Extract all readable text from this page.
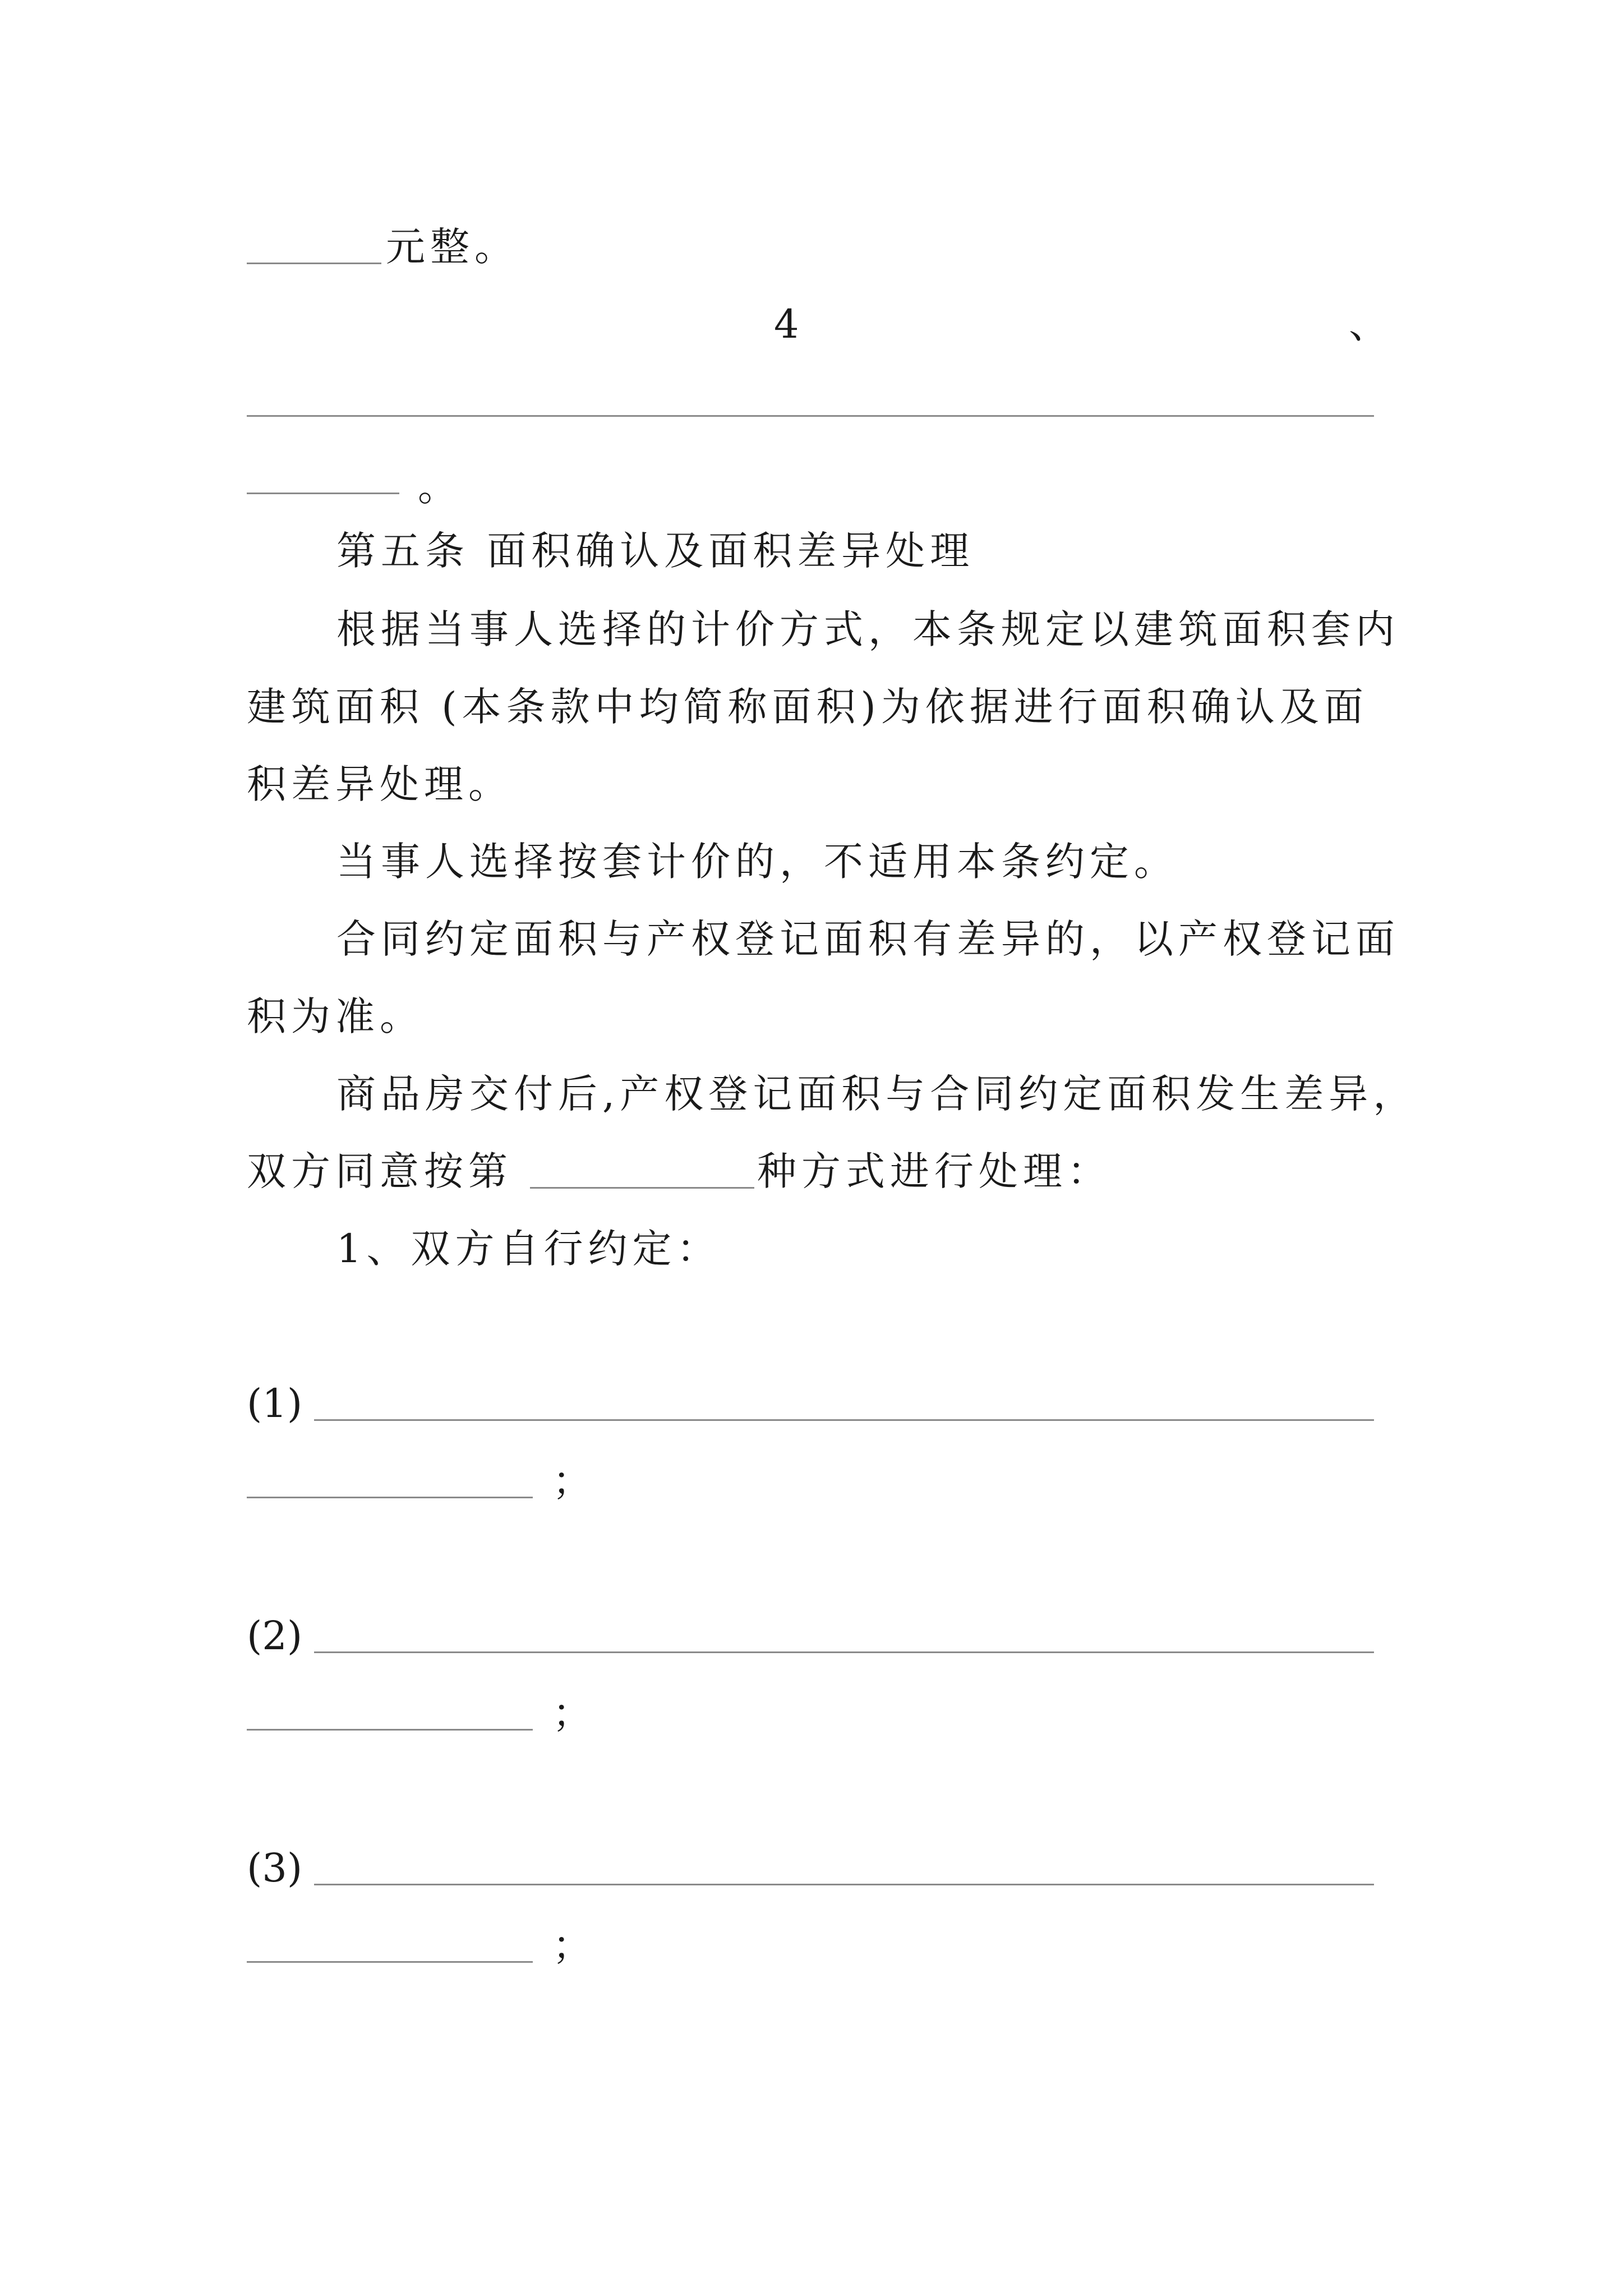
元整。
4	、
。
第五条 面积确认及面积差异处理
根据当事人选择的计价方式，本条规定以建筑面积套内
建筑面积 (本条款中均简称面积)为依据进行面积确认及面
积差异处理。
当事人选择按套计价的，不适用本条约定。
合同约定面积与产权登记面积有差异的，以产权登记面
积为准。
商品房交付后,产权登记面积与合同约定面积发生差异，
双方同意按第	种方式进行处理：
1、双方自行约定：
(1)
；
(2)
；
(3)
；
